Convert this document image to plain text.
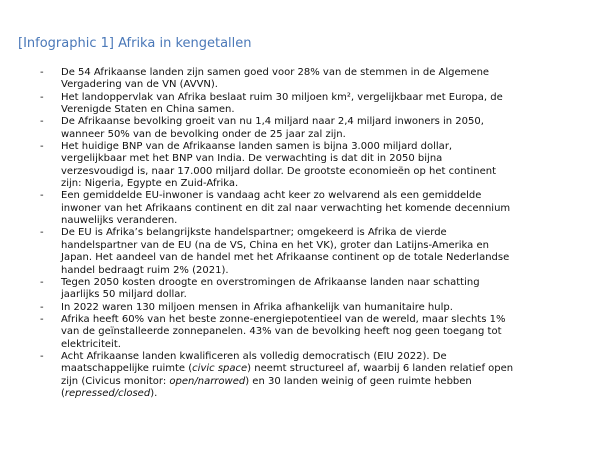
[Infographic 1] Afrika in kengetallen
-	De 54 Afrikaanse landen zijn samen goed voor 28% van de stemmen in de Algemene
Vergadering van de VN (AVVN).
-	Het landoppervlak van Afrika beslaat ruim 30 miljoen km², vergelijkbaar met Europa, de
Verenigde Staten en China samen.
-	De Afrikaanse bevolking groeit van nu 1,4 miljard naar 2,4 miljard inwoners in 2050,
wanneer 50% van de bevolking onder de 25 jaar zal zijn.
-	Het huidige BNP van de Afrikaanse landen samen is bijna 3.000 miljard dollar,
vergelijkbaar met het BNP van India. De verwachting is dat dit in 2050 bijna
verzesvoudigd is, naar 17.000 miljard dollar. De grootste economieën op het continent
zijn: Nigeria, Egypte en Zuid-Afrika.
-	Een gemiddelde EU-inwoner is vandaag acht keer zo welvarend als een gemiddelde
inwoner van het Afrikaans continent en dit zal naar verwachting het komende decennium
nauwelijks veranderen.
-	De EU is Afrika’s belangrijkste handelspartner; omgekeerd is Afrika de vierde
handelspartner van de EU (na de VS, China en het VK), groter dan Latijns-Amerika en
Japan. Het aandeel van de handel met het Afrikaanse continent op de totale Nederlandse
handel bedraagt ruim 2% (2021).
-	Tegen 2050 kosten droogte en overstromingen de Afrikaanse landen naar schatting
jaarlijks 50 miljard dollar.
-	In 2022 waren 130 miljoen mensen in Afrika afhankelijk van humanitaire hulp.
-	Afrika heeft 60% van het beste zonne-energiepotentieel van de wereld, maar slechts 1%
van de geïnstalleerde zonnepanelen. 43% van de bevolking heeft nog geen toegang tot
elektriciteit.
-	Acht Afrikaanse landen kwalificeren als volledig democratisch (EIU 2022). De
maatschappelijke ruimte (civic space) neemt structureel af, waarbij 6 landen relatief open
zijn (Civicus monitor: open/narrowed) en 30 landen weinig of geen ruimte hebben
(repressed/closed).
